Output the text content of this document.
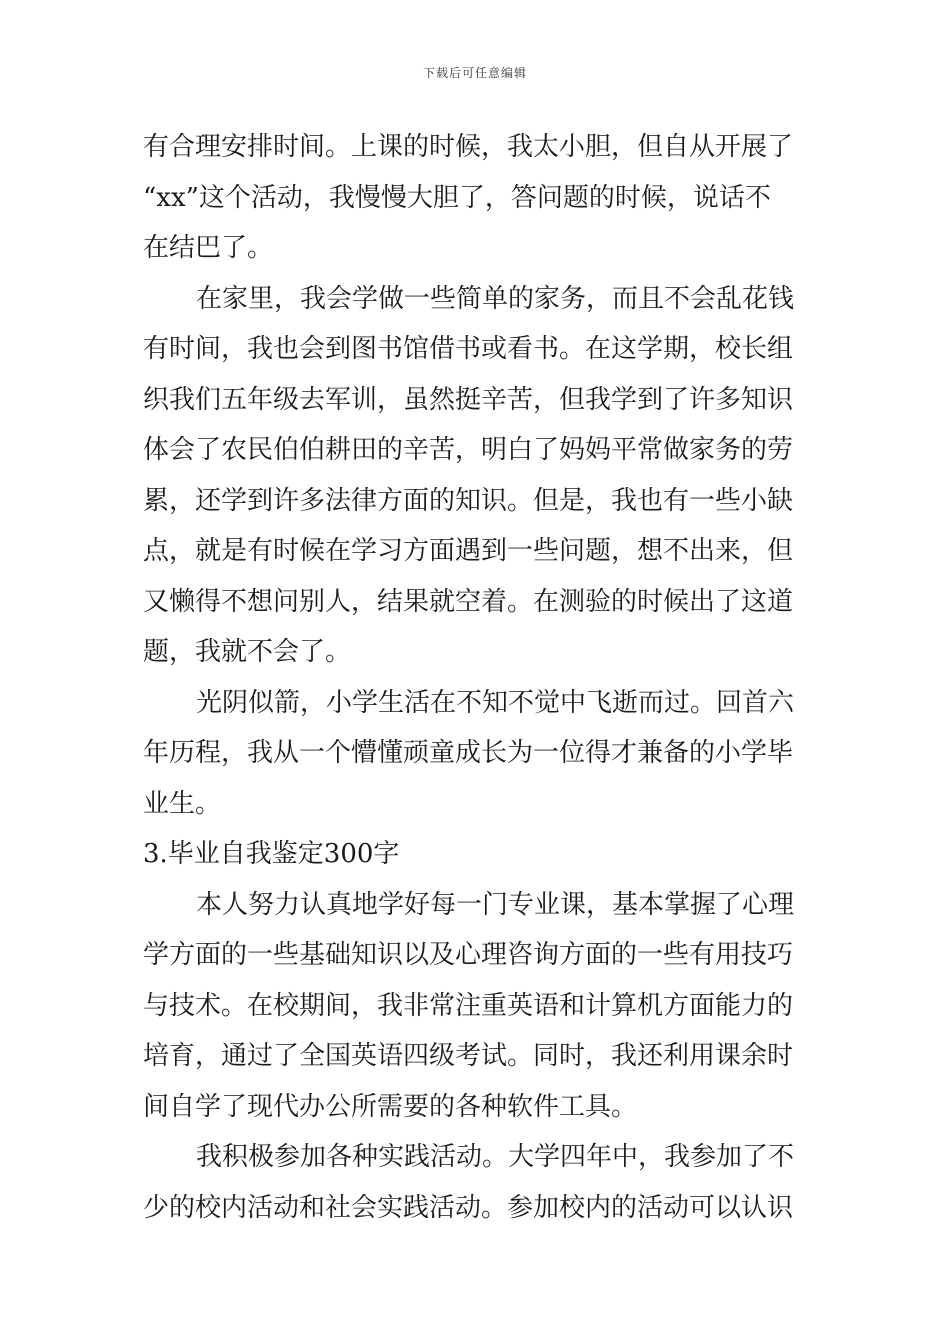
下载后可任意编辑
有合理安排时间。上课的时候，我太小胆，但自从开展了
“xx”这个活动，我慢慢大胆了，答问题的时候，说话不
在结巴了。
在家里，我会学做一些简单的家务，而且不会乱花钱
有时间，我也会到图书馆借书或看书。在这学期，校长组
织我们五年级去军训，虽然挺辛苦，但我学到了许多知识
体会了农民伯伯耕田的辛苦，明白了妈妈平常做家务的劳
累，还学到许多法律方面的知识。但是，我也有一些小缺
点，就是有时候在学习方面遇到一些问题，想不出来，但
又懒得不想问别人，结果就空着。在测验的时候出了这道
题，我就不会了。
光阴似箭，小学生活在不知不觉中飞逝而过。回首六
年历程，我从一个懵懂顽童成长为一位得才兼备的小学毕
业生。
3.毕业自我鉴定300字
本人努力认真地学好每一门专业课，基本掌握了心理
学方面的一些基础知识以及心理咨询方面的一些有用技巧
与技术。在校期间，我非常注重英语和计算机方面能力的
培育，通过了全国英语四级考试。同时，我还利用课余时
间自学了现代办公所需要的各种软件工具。
我积极参加各种实践活动。大学四年中，我参加了不
少的校内活动和社会实践活动。参加校内的活动可以认识
